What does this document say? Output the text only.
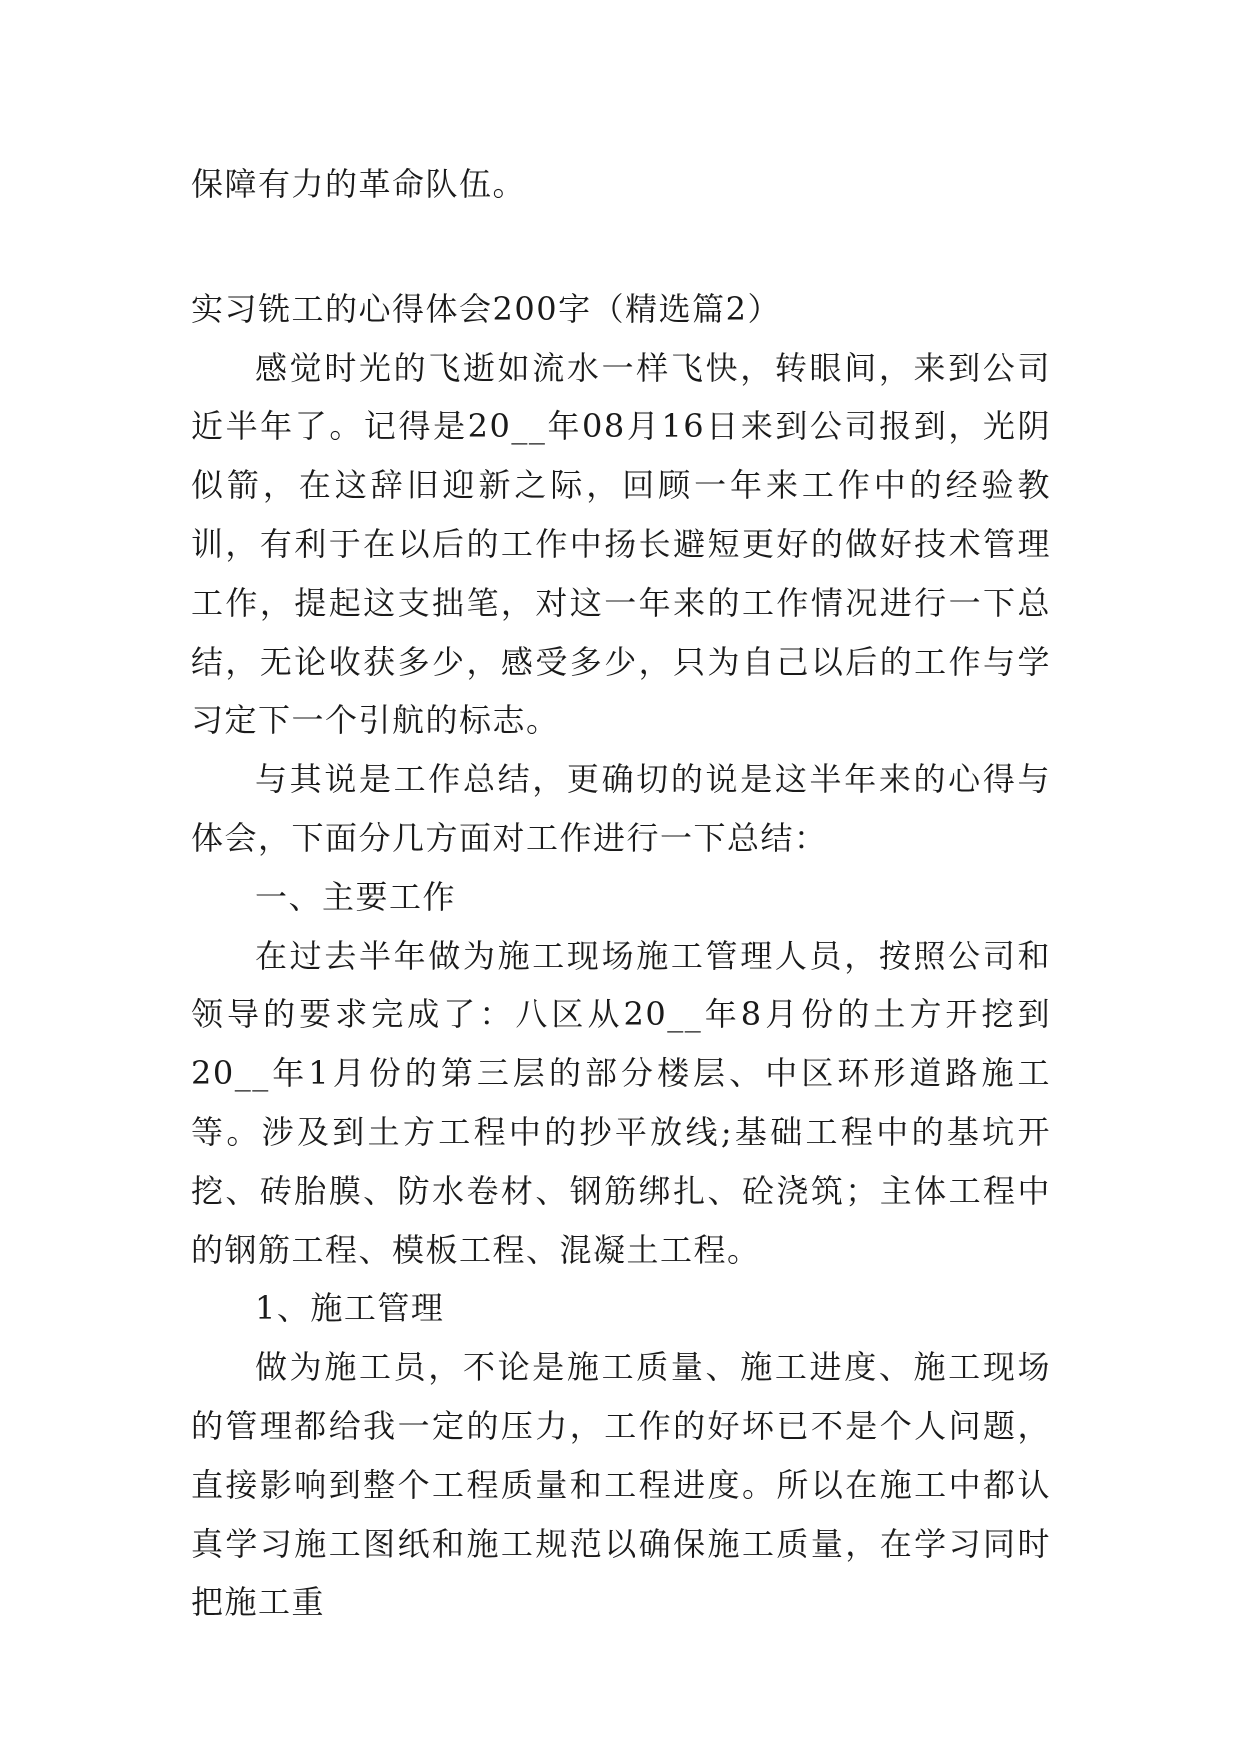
保障有力的革命队伍。

实习铣工的心得体会200字（精选篇2）

感觉时光的飞逝如流水一样飞快，转眼间，来到公司近半年了。记得是20__年08月16日来到公司报到，光阴似箭，在这辞旧迎新之际，回顾一年来工作中的经验教训，有利于在以后的工作中扬长避短更好的做好技术管理工作，提起这支拙笔，对这一年来的工作情况进行一下总结，无论收获多少，感受多少，只为自己以后的工作与学习定下一个引航的标志。

与其说是工作总结，更确切的说是这半年来的心得与体会，下面分几方面对工作进行一下总结：

一、主要工作

在过去半年做为施工现场施工管理人员，按照公司和领导的要求完成了：八区从20__年8月份的土方开挖到20__年1月份的第三层的部分楼层、中区环形道路施工等。涉及到土方工程中的抄平放线;基础工程中的基坑开挖、砖胎膜、防水卷材、钢筋绑扎、砼浇筑；主体工程中的钢筋工程、模板工程、混凝土工程。

1、施工管理

做为施工员，不论是施工质量、施工进度、施工现场的管理都给我一定的压力，工作的好坏已不是个人问题，直接影响到整个工程质量和工程进度。所以在施工中都认真学习施工图纸和施工规范以确保施工质量，在学习同时把施工重
